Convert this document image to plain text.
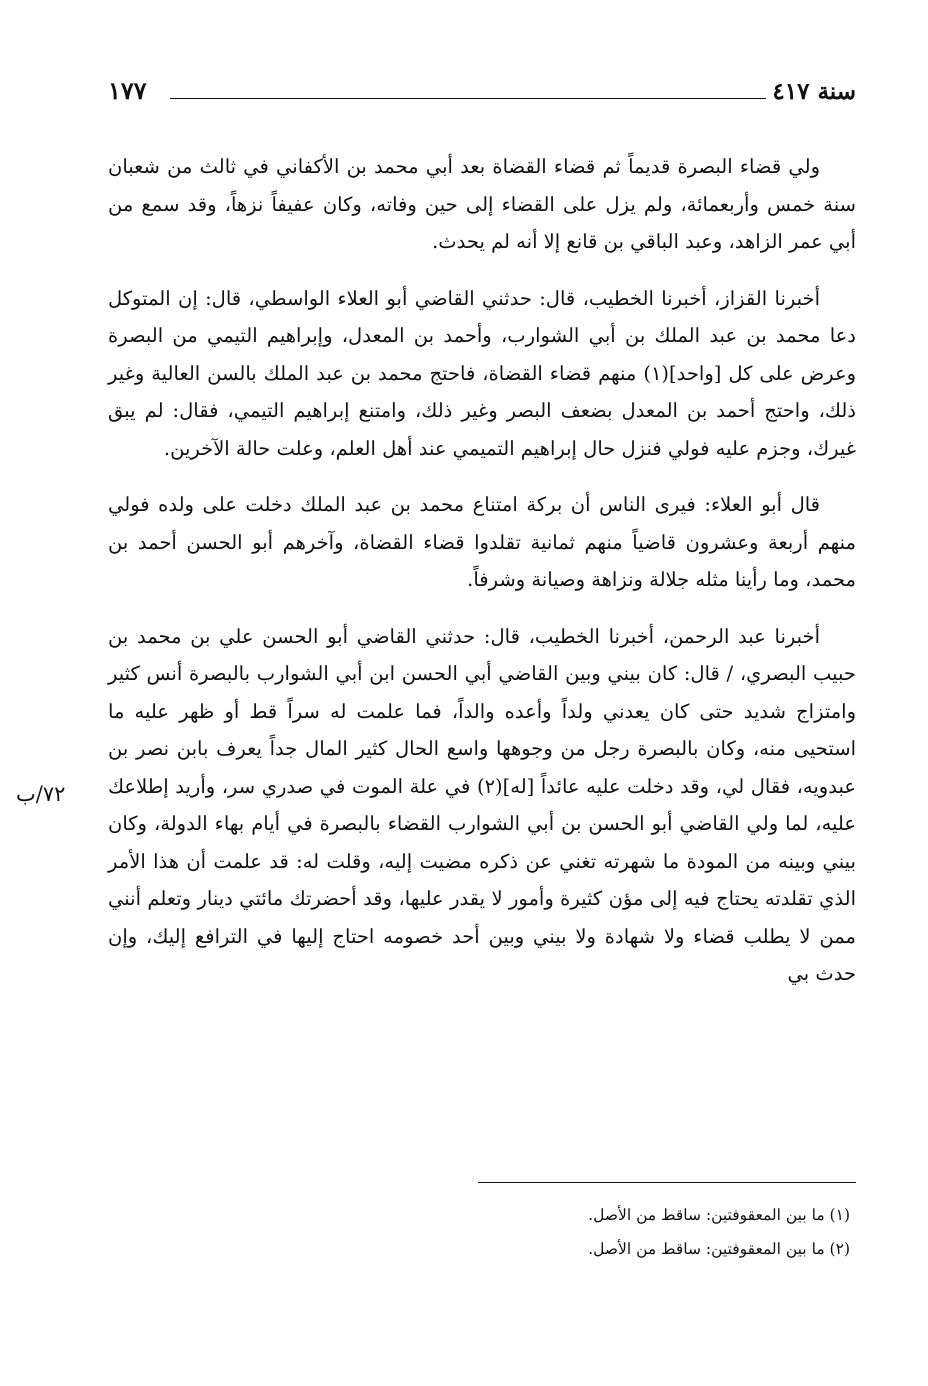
سنة ٤١٧
١٧٧

ولي قضاء البصرة قديماً ثم قضاء القضاة بعد أبي محمد بن الأكفاني في ثالث من شعبان سنة خمس وأربعمائة، ولم يزل على القضاء إلى حين وفاته، وكان عفيفاً نزهاً، وقد سمع من أبي عمر الزاهد، وعبد الباقي بن قانع إلا أنه لم يحدث.

أخبرنا القزاز، أخبرنا الخطيب، قال: حدثني القاضي أبو العلاء الواسطي، قال: إن المتوكل دعا محمد بن عبد الملك بن أبي الشوارب، وأحمد بن المعدل، وإبراهيم التيمي من البصرة وعرض على كل [واحد](١) منهم قضاء القضاة، فاحتج محمد بن عبد الملك بالسن العالية وغير ذلك، واحتج أحمد بن المعدل بضعف البصر وغير ذلك، وامتنع إبراهيم التيمي، فقال: لم يبق غيرك، وجزم عليه فولي فنزل حال إبراهيم التميمي عند أهل العلم، وعلت حالة الآخرين.

قال أبو العلاء: فيرى الناس أن بركة امتناع محمد بن عبد الملك دخلت على ولده فولي منهم أربعة وعشرون قاضياً منهم ثمانية تقلدوا قضاء القضاة، وآخرهم أبو الحسن أحمد بن محمد، وما رأينا مثله جلالة ونزاهة وصيانة وشرفاً.

أخبرنا عبد الرحمن، أخبرنا الخطيب، قال: حدثني القاضي أبو الحسن علي بن محمد بن حبيب البصري، / قال: كان بيني وبين القاضي أبي الحسن ابن أبي الشوارب بالبصرة أنس كثير وامتزاج شديد حتى كان يعدني ولداً وأعده والداً، فما علمت له سراً قط أو ظهر عليه ما استحيى منه، وكان بالبصرة رجل من وجوهها واسع الحال كثير المال جداً يعرف بابن نصر بن عبدويه، فقال لي، وقد دخلت عليه عائداً [له](٢) في علة الموت في صدري سر، وأريد إطلاعك عليه، لما ولي القاضي أبو الحسن بن أبي الشوارب القضاء بالبصرة في أيام بهاء الدولة، وكان بيني وبينه من المودة ما شهرته تغني عن ذكره مضيت إليه، وقلت له: قد علمت أن هذا الأمر الذي تقلدته يحتاج فيه إلى مؤن كثيرة وأمور لا يقدر عليها، وقد أحضرتك مائتي دينار وتعلم أنني ممن لا يطلب قضاء ولا شهادة ولا بيني وبين أحد خصومه احتاج إليها في الترافع إليك، وإن حدث بي

٧٢/ب

(١) ما بين المعقوفتين: ساقط من الأصل.

(٢) ما بين المعقوفتين: ساقط من الأصل.
